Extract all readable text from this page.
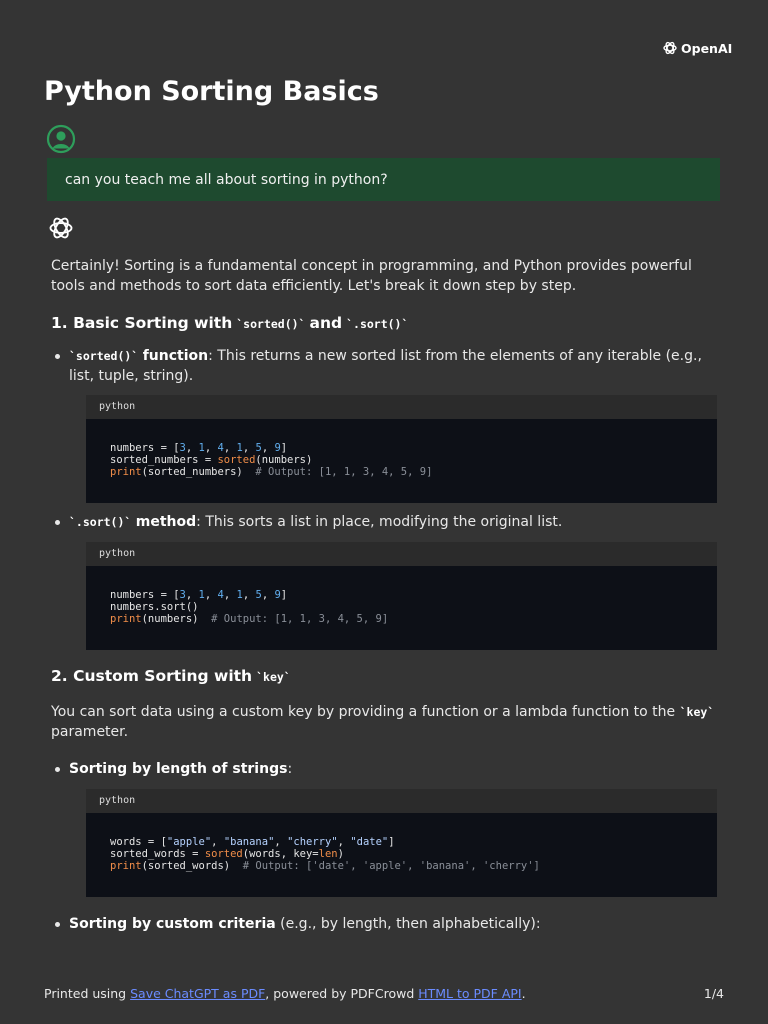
OpenAI
Python Sorting Basics
can you teach me all about sorting in python?

Certainly! Sorting is a fundamental concept in programming, and Python provides powerful tools and methods to sort data efficiently. Let's break it down step by step.

1. Basic Sorting with `sorted()` and `.sort()`
`sorted()` function: This returns a new sorted list from the elements of any iterable (e.g., list, tuple, string).
python
numbers = [3, 1, 4, 1, 5, 9]
sorted_numbers = sorted(numbers)
print(sorted_numbers)  # Output: [1, 1, 3, 4, 5, 9]
`.sort()` method: This sorts a list in place, modifying the original list.
python
numbers = [3, 1, 4, 1, 5, 9]
numbers.sort()
print(numbers)  # Output: [1, 1, 3, 4, 5, 9]
2. Custom Sorting with `key`

You can sort data using a custom key by providing a function or a lambda function to the `key` parameter.

Sorting by length of strings:
python
words = ["apple", "banana", "cherry", "date"]
sorted_words = sorted(words, key=len)
print(sorted_words)  # Output: ['date', 'apple', 'banana', 'cherry']
Sorting by custom criteria (e.g., by length, then alphabetically):
Printed using Save ChatGPT as PDF, powered by PDFCrowd HTML to PDF API.	1/4
